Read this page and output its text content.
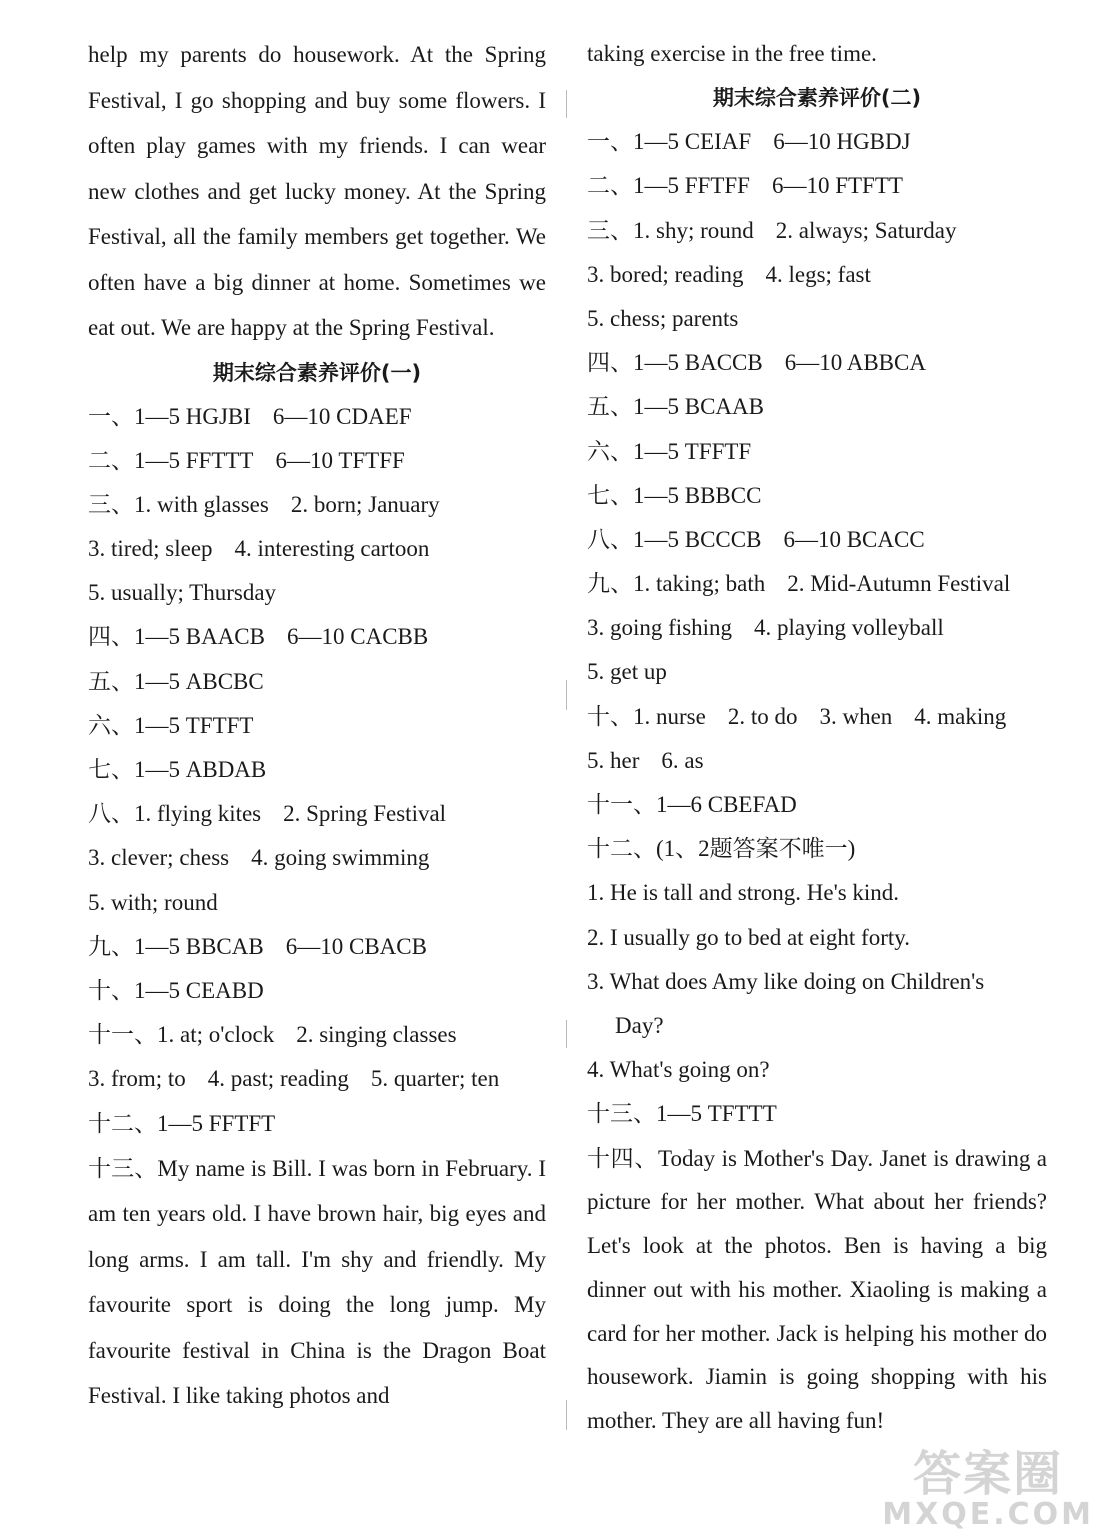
help my parents do housework. At the Spring Festival, I go shopping and buy some flowers. I often play games with my friends. I can wear new clothes and get lucky money. At the Spring Festival, all the family members get together. We often have a big dinner at home. Sometimes we eat out. We are happy at the Spring Festival.
期末综合素养评价(一)
一、1—5 HGJBI 6—10 CDAEF
二、1—5 FFTTT 6—10 TFTFF
三、1. with glasses 2. born; January
3. tired; sleep 4. interesting cartoon
5. usually; Thursday
四、1—5 BAACB 6—10 CACBB
五、1—5 ABCBC
六、1—5 TFTFT
七、1—5 ABDAB
八、1. flying kites 2. Spring Festival
3. clever; chess 4. going swimming
5. with; round
九、1—5 BBCAB 6—10 CBACB
十、1—5 CEABD
十一、1. at; o'clock 2. singing classes
3. from; to 4. past; reading 5. quarter; ten
十二、1—5 FFTFT
十三、My name is Bill. I was born in February. I am ten years old. I have brown hair, big eyes and long arms. I am tall. I'm shy and friendly. My favourite sport is doing the long jump. My favourite festival in China is the Dragon Boat Festival. I like taking photos and
taking exercise in the free time.
期末综合素养评价(二)
一、1—5 CEIAF 6—10 HGBDJ
二、1—5 FFTFF 6—10 FTFTT
三、1. shy; round 2. always; Saturday
3. bored; reading 4. legs; fast
5. chess; parents
四、1—5 BACCB 6—10 ABBCA
五、1—5 BCAAB
六、1—5 TFFTF
七、1—5 BBBCC
八、1—5 BCCCB 6—10 BCACC
九、1. taking; bath 2. Mid-Autumn Festival
3. going fishing 4. playing volleyball
5. get up
十、1. nurse 2. to do 3. when 4. making
5. her 6. as
十一、1—6 CBEFAD
十二、(1、2题答案不唯一)
1. He is tall and strong. He's kind.
2. I usually go to bed at eight forty.
3. What does Amy like doing on Children's
Day?
4. What's going on?
十三、1—5 TFTTT
十四、Today is Mother's Day. Janet is drawing a picture for her mother. What about her friends? Let's look at the photos. Ben is having a big dinner out with his mother. Xiaoling is making a card for her mother. Jack is helping his mother do housework. Jiamin is going shopping with his mother. They are all having fun!
答案圈
MXQE.COM
